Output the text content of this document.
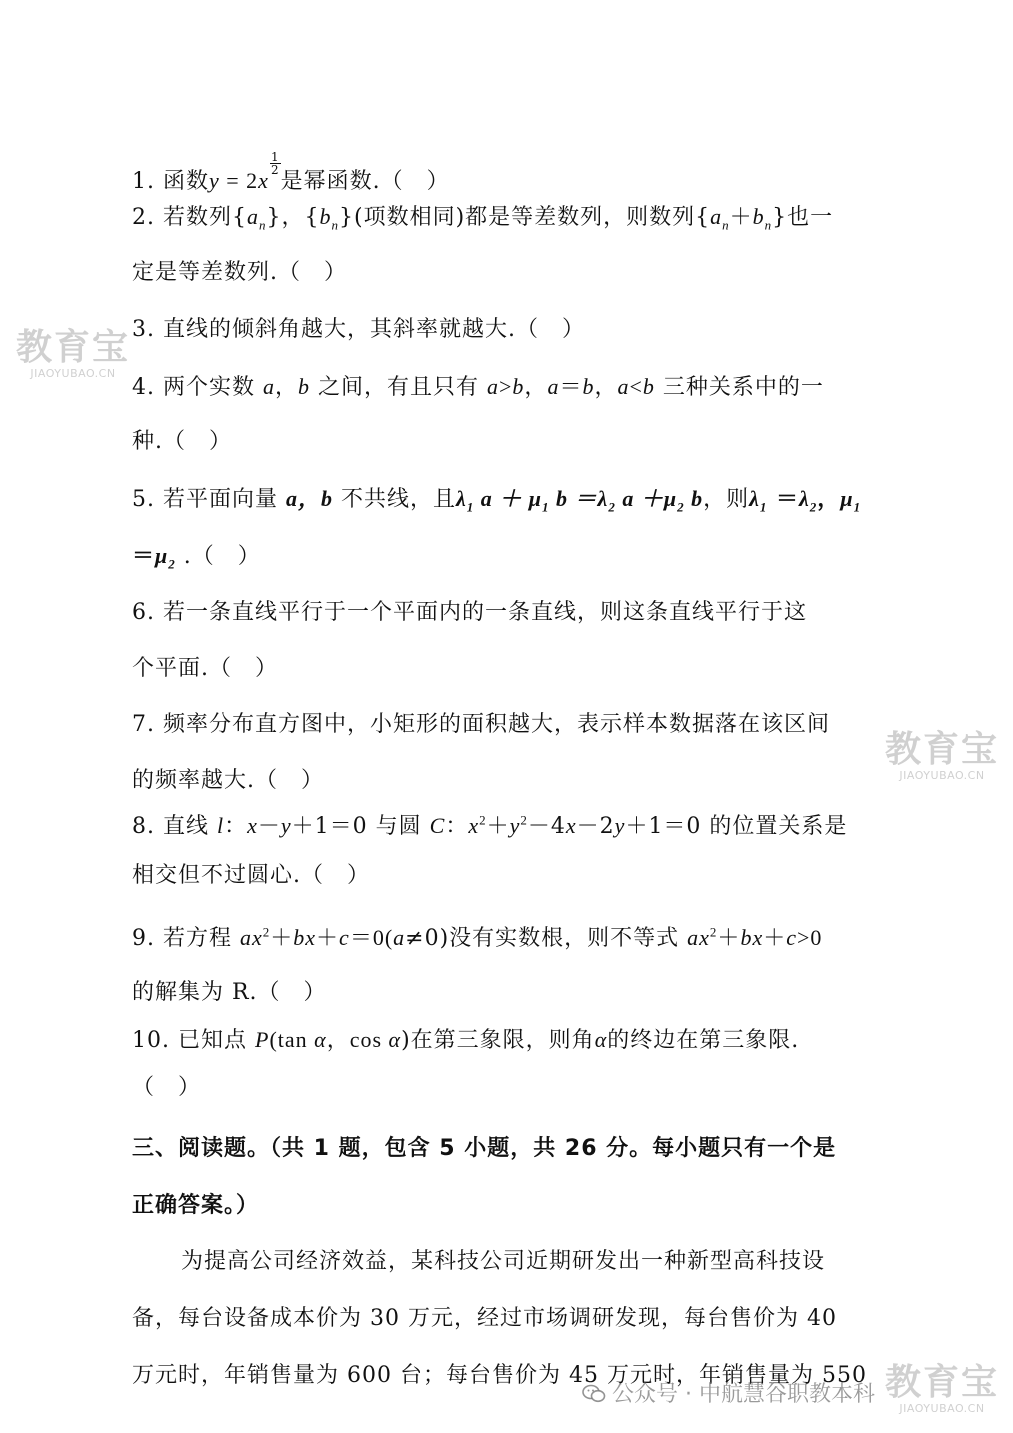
1. 函数y = 2x
$\frac{1}{2}$
是幂函数.（　）
2. 若数列$\{a_n\}$，$\{b_n\}$(项数相同)都是等差数列，则数列$\{a_n+b_n\}$也一
定是等差数列.（　）
3. 直线的倾斜角越大，其斜率就越大.（　）
4. 两个实数 a，b 之间，有且只有 a>b，a＝b，a<b 三种关系中的一
种.（　）
5. 若平面向量 a，b 不共线，且$\lambda_1$ $a + \mu_1$ $b =\lambda_2$ $a +\mu_2$ b，则$\lambda_1 =\lambda_2$，$\mu_1$
$=\mu_2$ .（　）
6. 若一条直线平行于一个平面内的一条直线，则这条直线平行于这
个平面.（　）
7. 频率分布直方图中，小矩形的面积越大，表示样本数据落在该区间
的频率越大.（　）
8. 直线 l：x－y＋1＝0 与圆 C：$x^2+y^2-4x-2y+1=0$ 的位置关系是
相交但不过圆心.（　）
9. 若方程 $ax^2+bx+c=0(a\ne 0)$没有实数根，则不等式 $ax^2+bx+c>0$
的解集为 R.（　）
10. 已知点 P(tan α，cos α)在第三象限，则角α的终边在第三象限.
（　）
三、阅读题。（共 1 题，包含 5 小题，共 26 分。每小题只有一个是
正确答案。）
为提高公司经济效益，某科技公司近期研发出一种新型高科技设
备，每台设备成本价为 30 万元，经过市场调研发现，每台售价为 40
万元时，年销售量为 600 台；每台售价为 45 万元时，年销售量为 550
教育宝
JIAOYUBAO.CN
教育宝
JIAOYUBAO.CN
教育宝
JIAOYUBAO.CN
公众号 · 中航慧谷职教本科
